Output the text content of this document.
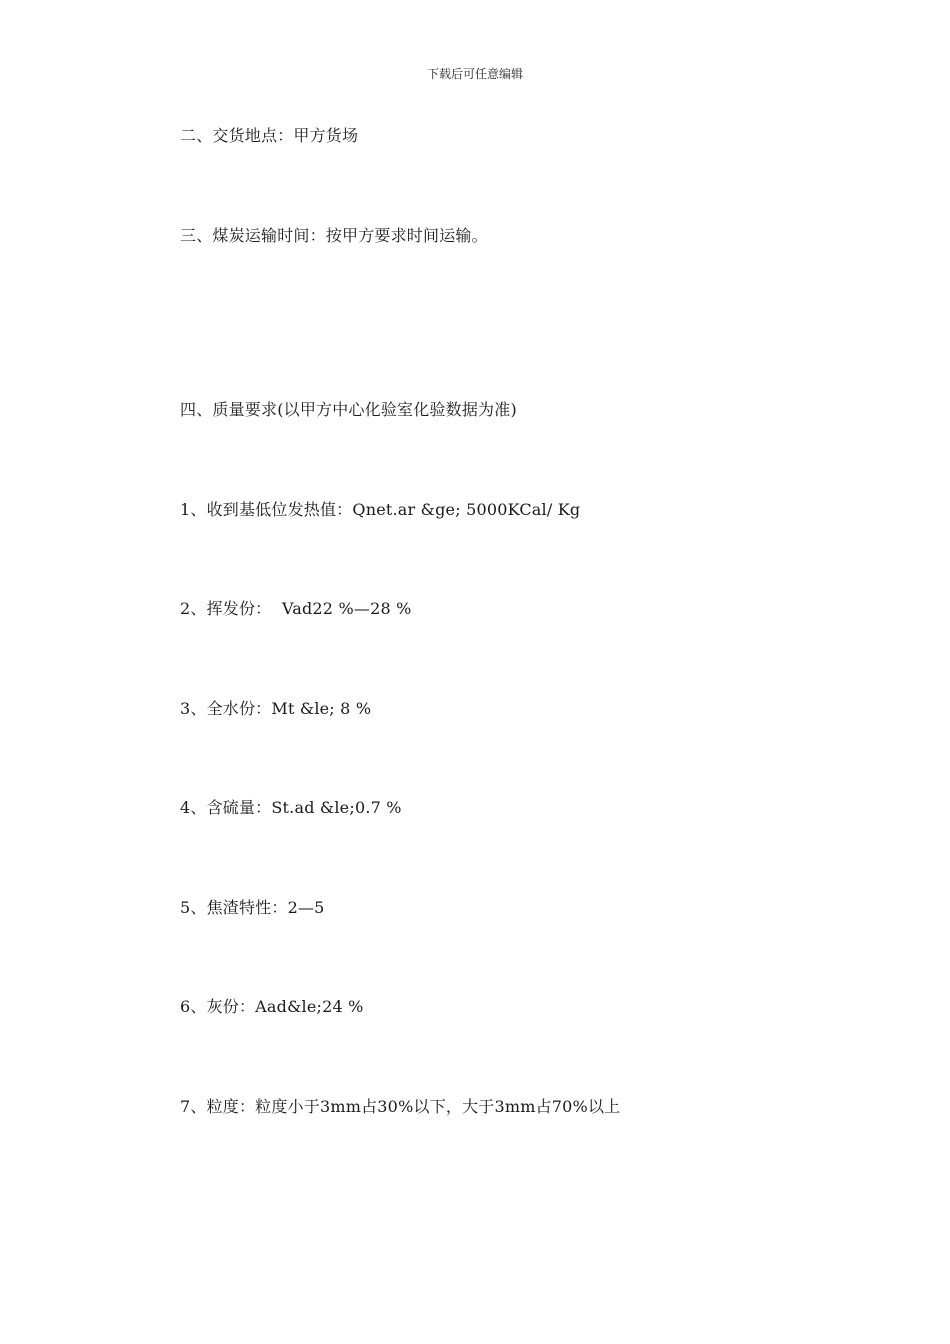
下载后可任意编辑
二、交货地点：甲方货场
三、煤炭运输时间：按甲方要求时间运输。
四、质量要求(以甲方中心化验室化验数据为准)
1、收到基低位发热值：Qnet.ar &ge; 5000KCal/ Kg
2、挥发份：  Vad22 %—28 %
3、全水份：Mt &le; 8 %
4、含硫量：St.ad &le;0.7 %
5、焦渣特性：2—5
6、灰份：Aad&le;24 %
7、粒度：粒度小于3mm占30%以下，大于3mm占70%以上
